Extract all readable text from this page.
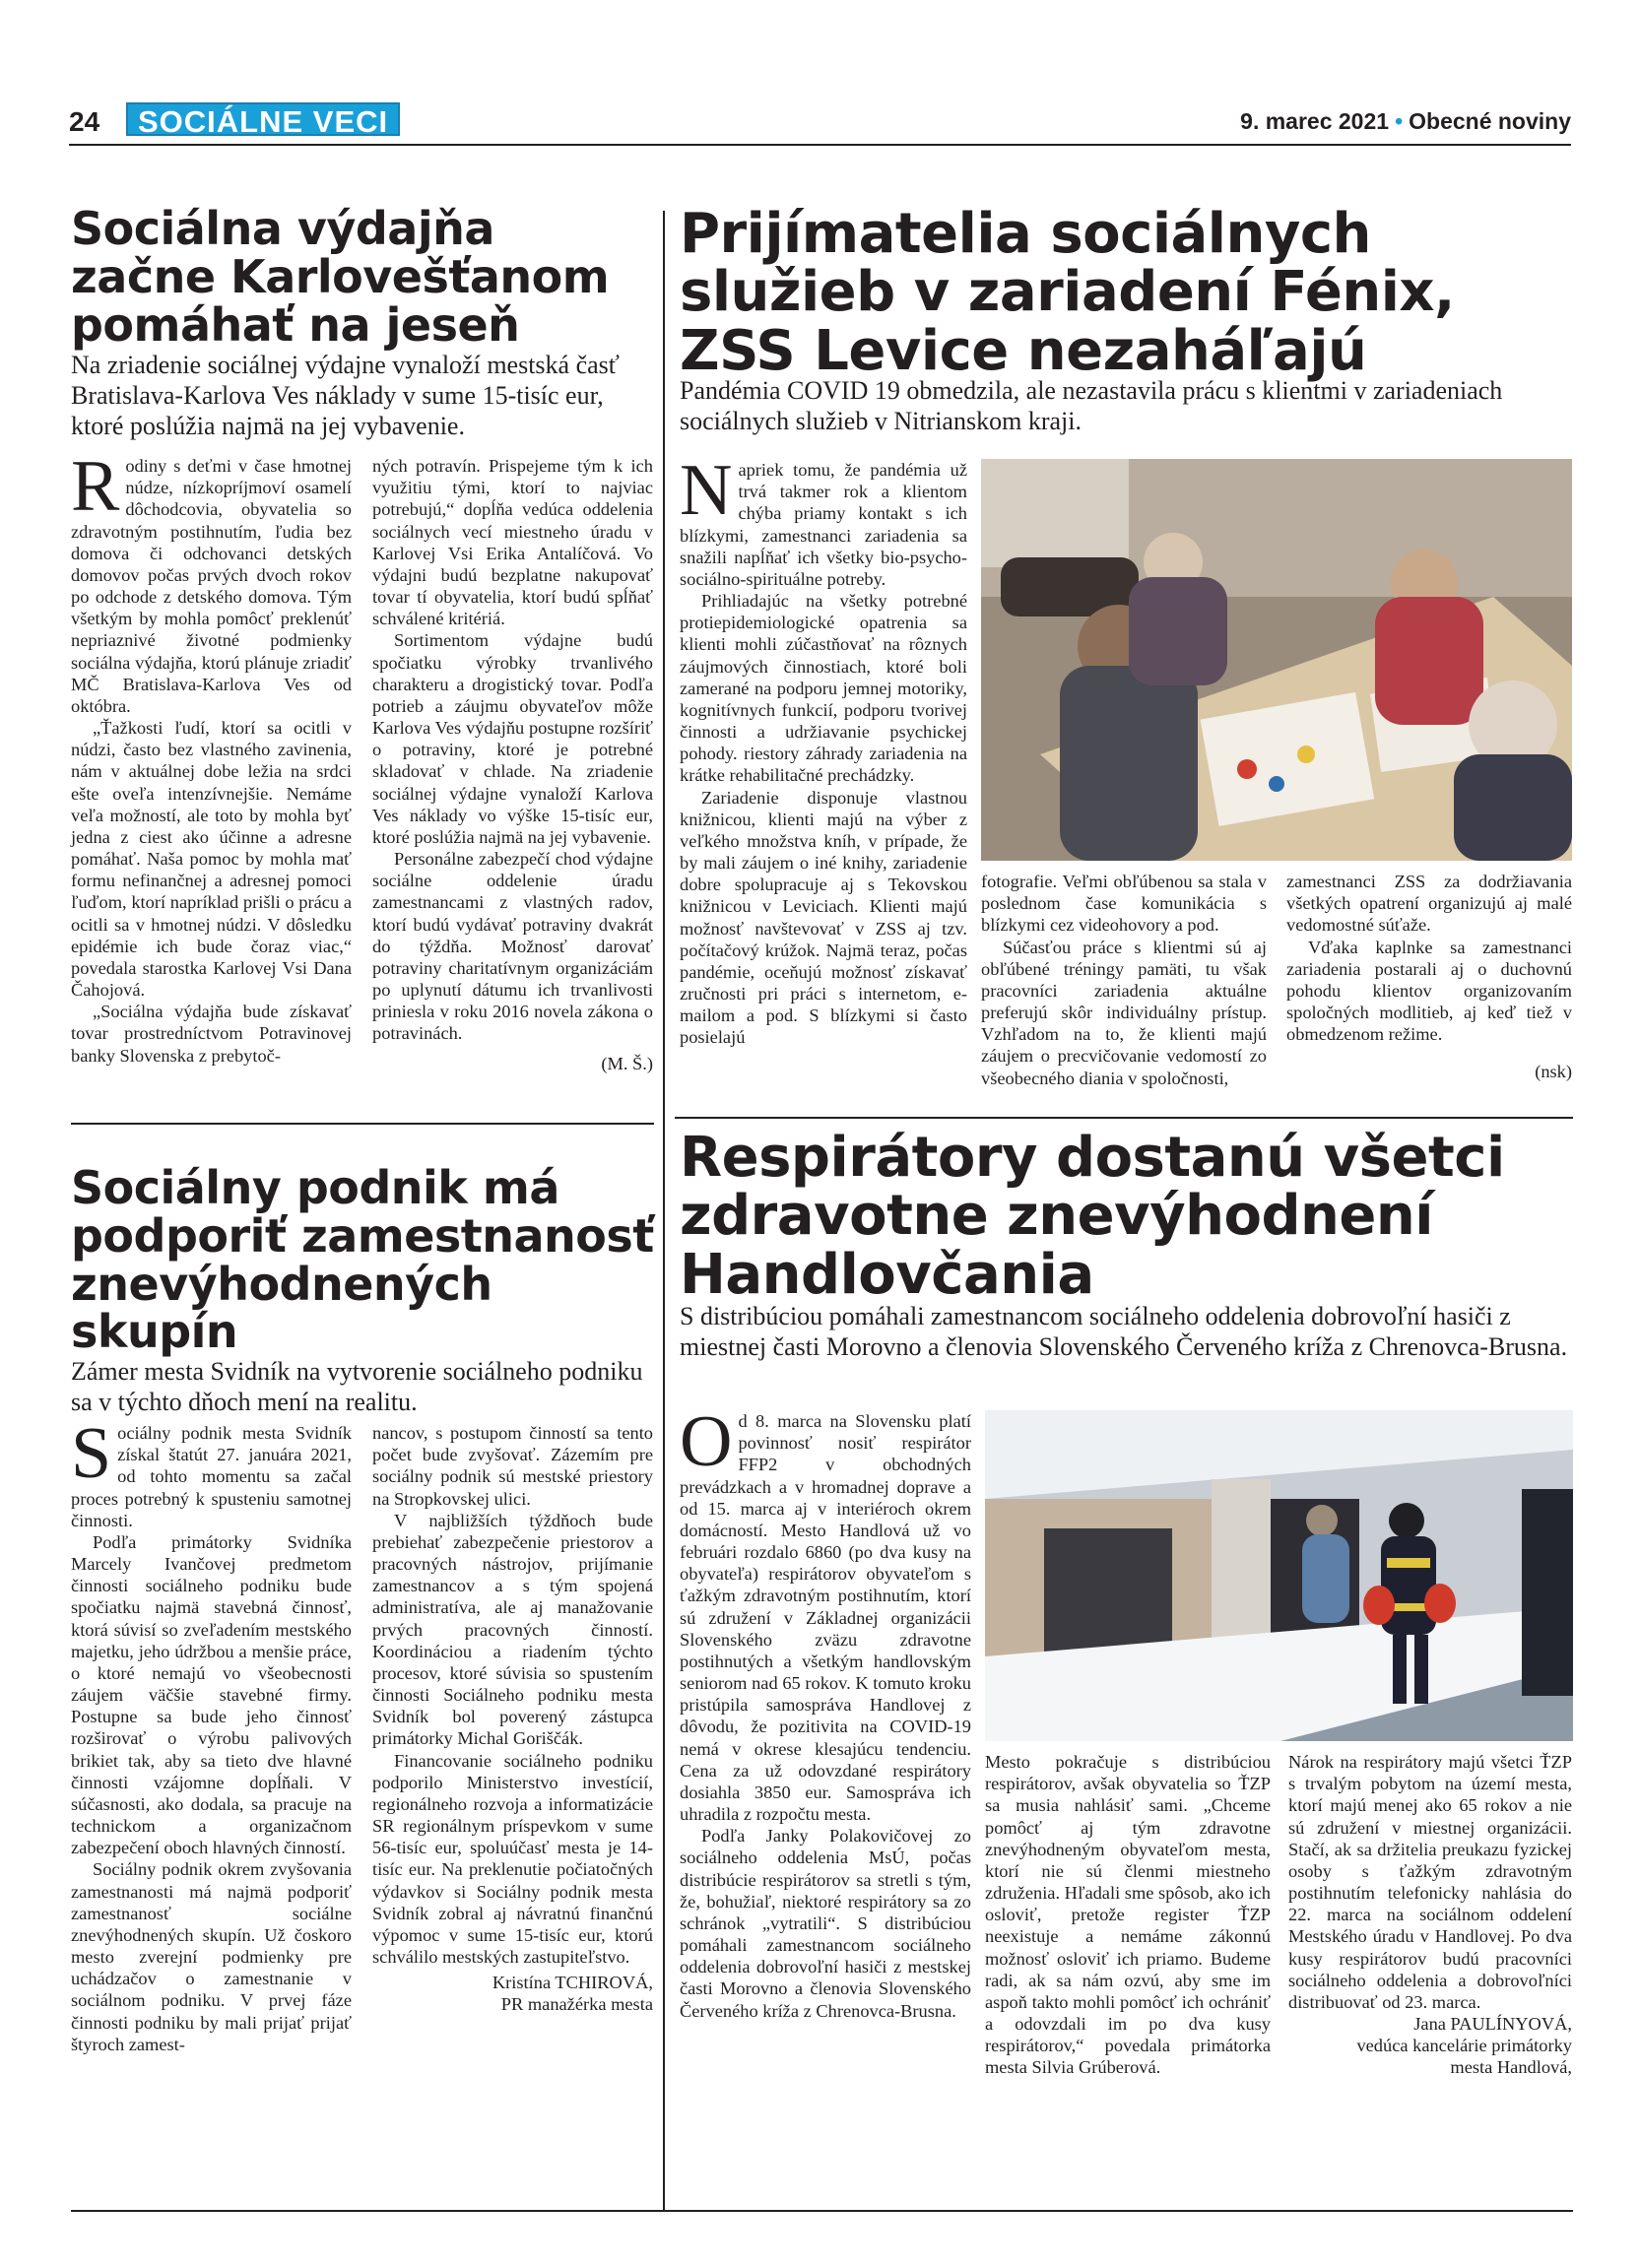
24	SOCIÁLNE VECI	9. marec 2021 • Obecné noviny
Sociálna výdajňa začne Karlovešťanom pomáhať na jeseň
Na zriadenie sociálnej výdajne vynaloží mestská časť Bratislava-Karlova Ves náklady v sume 15-tisíc eur, ktoré poslúžia najmä na jej vybavenie.

Rodiny s deťmi v čase hmotnej núdze, nízkopríjmoví osamelí dôchodcovia, obyvatelia so zdravotným postihnutím, ľudia bez domova či odchovanci detských domovov počas prvých dvoch rokov po odchode z detského domova. Tým všetkým by mohla pomôcť preklenúť nepriaznivé životné podmienky sociálna výdajňa, ktorú plánuje zriadiť MČ Bratislava-Karlova Ves od októbra.

„Ťažkosti ľudí, ktorí sa ocitli v núdzi, často bez vlastného zavinenia, nám v aktuálnej dobe ležia na srdci ešte oveľa intenzívnejšie. Nemáme veľa možností, ale toto by mohla byť jedna z ciest ako účinne a adresne pomáhať. Naša pomoc by mohla mať formu nefinančnej a adresnej pomoci ľuďom, ktorí napríklad prišli o prácu a ocitli sa v hmotnej núdzi. V dôsledku epidémie ich bude čoraz viac,“ povedala starostka Karlovej Vsi Dana Čahojová.

„Sociálna výdajňa bude získavať tovar prostredníctvom Potravinovej banky Slovenska z prebytoč-

ných potravín. Prispejeme tým k ich využitiu tými, ktorí to najviac potrebujú,“ dopĺňa vedúca oddelenia sociálnych vecí miestneho úradu v Karlovej Vsi Erika Antalíčová. Vo výdajni budú bezplatne nakupovať tovar tí obyvatelia, ktorí budú spĺňať schválené kritériá.

Sortimentom výdajne budú spočiatku výrobky trvanlivého charakteru a drogistický tovar. Podľa potrieb a záujmu obyvateľov môže Karlova Ves výdajňu postupne rozšíriť o potraviny, ktoré je potrebné skladovať v chlade. Na zriadenie sociálnej výdajne vynaloží Karlova Ves náklady vo výške 15-tisíc eur, ktoré poslúžia najmä na jej vybavenie.

Personálne zabezpečí chod výdajne sociálne oddelenie úradu zamestnancami z vlastných radov, ktorí budú vydávať potraviny dvakrát do týždňa. Možnosť darovať potraviny charitatívnym organizáciám po uplynutí dátumu ich trvanlivosti priniesla v roku 2016 novela zákona o potravinách.

(M. Š.)
Sociálny podnik má podporiť zamestnanosť znevýhodnených skupín
Zámer mesta Svidník na vytvorenie sociálneho podniku sa v týchto dňoch mení na realitu.

Sociálny podnik mesta Svidník získal štatút 27. januára 2021, od tohto momentu sa začal proces potrebný k spusteniu samotnej činnosti.

Podľa primátorky Svidníka Marcely Ivančovej predmetom činnosti sociálneho podniku bude spočiatku najmä stavebná činnosť, ktorá súvisí so zveľadením mestského majetku, jeho údržbou a menšie práce, o ktoré nemajú vo všeobecnosti záujem väčšie stavebné firmy. Postupne sa bude jeho činnosť rozširovať o výrobu palivových brikiet tak, aby sa tieto dve hlavné činnosti vzájomne dopĺňali. V súčasnosti, ako dodala, sa pracuje na technickom a organizačnom zabezpečení oboch hlavných činností.

Sociálny podnik okrem zvyšovania zamestnanosti má najmä podporiť zamestnanosť sociálne znevýhodnených skupín. Už čoskoro mesto zverejní podmienky pre uchádzačov o zamestnanie v sociálnom podniku. V prvej fáze činnosti podniku by mali prijať prijať štyroch zamest-

nancov, s postupom činností sa tento počet bude zvyšovať. Zázemím pre sociálny podnik sú mestské priestory na Stropkovskej ulici.

V najbližších týždňoch bude prebiehať zabezpečenie priestorov a pracovných nástrojov, prijímanie zamestnancov a s tým spojená administratíva, ale aj manažovanie prvých pracovných činností. Koordináciou a riadením týchto procesov, ktoré súvisia so spustením činnosti Sociálneho podniku mesta Svidník bol poverený zástupca primátorky Michal Goriščák.

Financovanie sociálneho podniku podporilo Ministerstvo investícií, regionálneho rozvoja a informatizácie SR regionálnym príspevkom v sume 56-tisíc eur, spoluúčasť mesta je 14-tisíc eur. Na preklenutie počiatočných výdavkov si Sociálny podnik mesta Svidník zobral aj návratnú finančnú výpomoc v sume 15-tisíc eur, ktorú schválilo mestských zastupiteľstvo.

Kristína TCHIROVÁ,
PR manažérka mesta
Prijímatelia sociálnych služieb v zariadení Fénix, ZSS Levice nezaháľajú
Pandémia COVID 19 obmedzila, ale nezastavila prácu s klientmi v zariadeniach sociálnych služieb v Nitrianskom kraji.

Napriek tomu, že pandémia už trvá takmer rok a klientom chýba priamy kontakt s ich blízkymi, zamestnanci zariadenia sa snažili napĺňať ich všetky bio-psycho-sociálno-spirituálne potreby.

Prihliadajúc na všetky potrebné protiepidemiologické opatrenia sa klienti mohli zúčastňovať na rôznych záujmových činnostiach, ktoré boli zamerané na podporu jemnej motoriky, kognitívnych funkcií, podporu tvorivej činnosti a udržiavanie psychickej pohody. riestory záhrady zariadenia na krátke rehabilitačné prechádzky.

Zariadenie disponuje vlastnou knižnicou, klienti majú na výber z veľkého množstva kníh, v prípade, že by mali záujem o iné knihy, zariadenie dobre spolupracuje aj s Tekovskou knižnicou v Leviciach. Klienti majú možnosť navštevovať v ZSS aj tzv. počítačový krúžok. Najmä teraz, počas pandémie, oceňujú možnosť získavať zručnosti pri práci s internetom, e-mailom a pod. S blízkymi si často posielajú

fotografie. Veľmi obľúbenou sa stala v poslednom čase komunikácia s blízkymi cez videohovory a pod.

Súčasťou práce s klientmi sú aj obľúbené tréningy pamäti, tu však pracovníci zariadenia aktuálne preferujú skôr individuálny prístup. Vzhľadom na to, že klienti majú záujem o precvičovanie vedomostí zo všeobecného diania v spoločnosti,

zamestnanci ZSS za dodržiavania všetkých opatrení organizujú aj malé vedomostné súťaže.

Vďaka kaplnke sa zamestnanci zariadenia postarali aj o duchovnú pohodu klientov organizovaním spoločných modlitieb, aj keď tiež v obmedzenom režime.

(nsk)
Respirátory dostanú všetci zdravotne znevýhodnení Handlovčania
S distribúciou pomáhali zamestnancom sociálneho oddelenia dobrovoľní hasiči z miestnej časti Morovno a členovia Slovenského Červeného kríža z Chrenovca-Brusna.

Od 8. marca na Slovensku platí povinnosť nosiť respirátor FFP2 v obchodných prevádzkach a v hromadnej doprave a od 15. marca aj v interiéroch okrem domácností. Mesto Handlová už vo februári rozdalo 6860 (po dva kusy na obyvateľa) respirátorov obyvateľom s ťažkým zdravotným postihnutím, ktorí sú združení v Základnej organizácii Slovenského zväzu zdravotne postihnutých a všetkým handlovským seniorom nad 65 rokov. K tomuto kroku pristúpila samospráva Handlovej z dôvodu, že pozitivita na COVID-19 nemá v okrese klesajúcu tendenciu. Cena za už odovzdané respirátory dosiahla 3850 eur. Samospráva ich uhradila z rozpočtu mesta.

Podľa Janky Polakovičovej zo sociálneho oddelenia MsÚ, počas distribúcie respirátorov sa stretli s tým, že, bohužiaľ, niektoré respirátory sa zo schránok „vytratili“. S distribúciou pomáhali zamestnancom sociálneho oddelenia dobrovoľní hasiči z mestskej časti Morovno a členovia Slovenského Červeného kríža z Chrenovca-Brusna.

Mesto pokračuje s distribúciou respirátorov, avšak obyvatelia so ŤZP sa musia nahlásiť sami. „Chceme pomôcť aj tým zdravotne znevýhodneným obyvateľom mesta, ktorí nie sú členmi miestneho združenia. Hľadali sme spôsob, ako ich osloviť, pretože register ŤZP neexistuje a nemáme zákonnú možnosť osloviť ich priamo. Budeme radi, ak sa nám ozvú, aby sme im aspoň takto mohli pomôcť ich ochrániť a odovzdali im po dva kusy respirátorov,“ povedala primátorka mesta Silvia Grúberová.

Nárok na respirátory majú všetci ŤZP s trvalým pobytom na území mesta, ktorí majú menej ako 65 rokov a nie sú združení v miestnej organizácii. Stačí, ak sa držitelia preukazu fyzickej osoby s ťažkým zdravotným postihnutím telefonicky nahlásia do 22. marca na sociálnom oddelení Mestského úradu v Handlovej. Po dva kusy respirátorov budú pracovníci sociálneho oddelenia a dobrovoľníci distribuovať od 23. marca.

Jana PAULÍNYOVÁ,
vedúca kancelárie primátorky
mesta Handlová,
